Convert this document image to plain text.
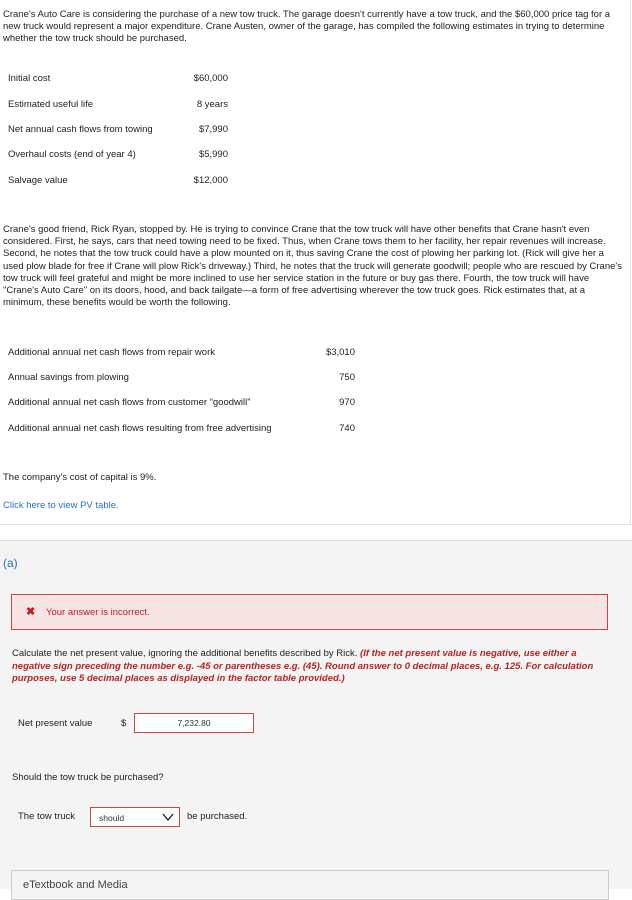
Crane's Auto Care is considering the purchase of a new tow truck. The garage doesn't currently have a tow truck, and the $60,000 price tag for a new truck would represent a major expenditure. Crane Austen, owner of the garage, has compiled the following estimates in trying to determine whether the tow truck should be purchased.

Initial cost	$60,000
Estimated useful life	8 years
Net annual cash flows from towing	$7,990
Overhaul costs (end of year 4)	$5,990
Salvage value	$12,000

Crane's good friend, Rick Ryan, stopped by. He is trying to convince Crane that the tow truck will have other benefits that Crane hasn't even considered. First, he says, cars that need towing need to be fixed. Thus, when Crane tows them to her facility, her repair revenues will increase. Second, he notes that the tow truck could have a plow mounted on it, thus saving Crane the cost of plowing her parking lot. (Rick will give her a used plow blade for free if Crane will plow Rick's driveway.) Third, he notes that the truck will generate goodwill; people who are rescued by Crane's tow truck will feel grateful and might be more inclined to use her service station in the future or buy gas there. Fourth, the tow truck will have "Crane's Auto Care" on its doors, hood, and back tailgate—a form of free advertising wherever the tow truck goes. Rick estimates that, at a minimum, these benefits would be worth the following.

Additional annual net cash flows from repair work	$3,010
Annual savings from plowing	750
Additional annual net cash flows from customer “goodwill”	970
Additional annual net cash flows resulting from free advertising	740
The company's cost of capital is 9%.
Click here to view PV table.
(a)
✖ Your answer is incorrect.
Calculate the net present value, ignoring the additional benefits described by Rick. (If the net present value is negative, use either a negative sign preceding the number e.g. -45 or parentheses e.g. (45). Round answer to 0 decimal places, e.g. 125. For calculation purposes, use 5 decimal places as displayed in the factor table provided.)
Net present value	$
7,232.80
Should the tow truck be purchased?
The tow truck	should	be purchased.
eTextbook and Media
